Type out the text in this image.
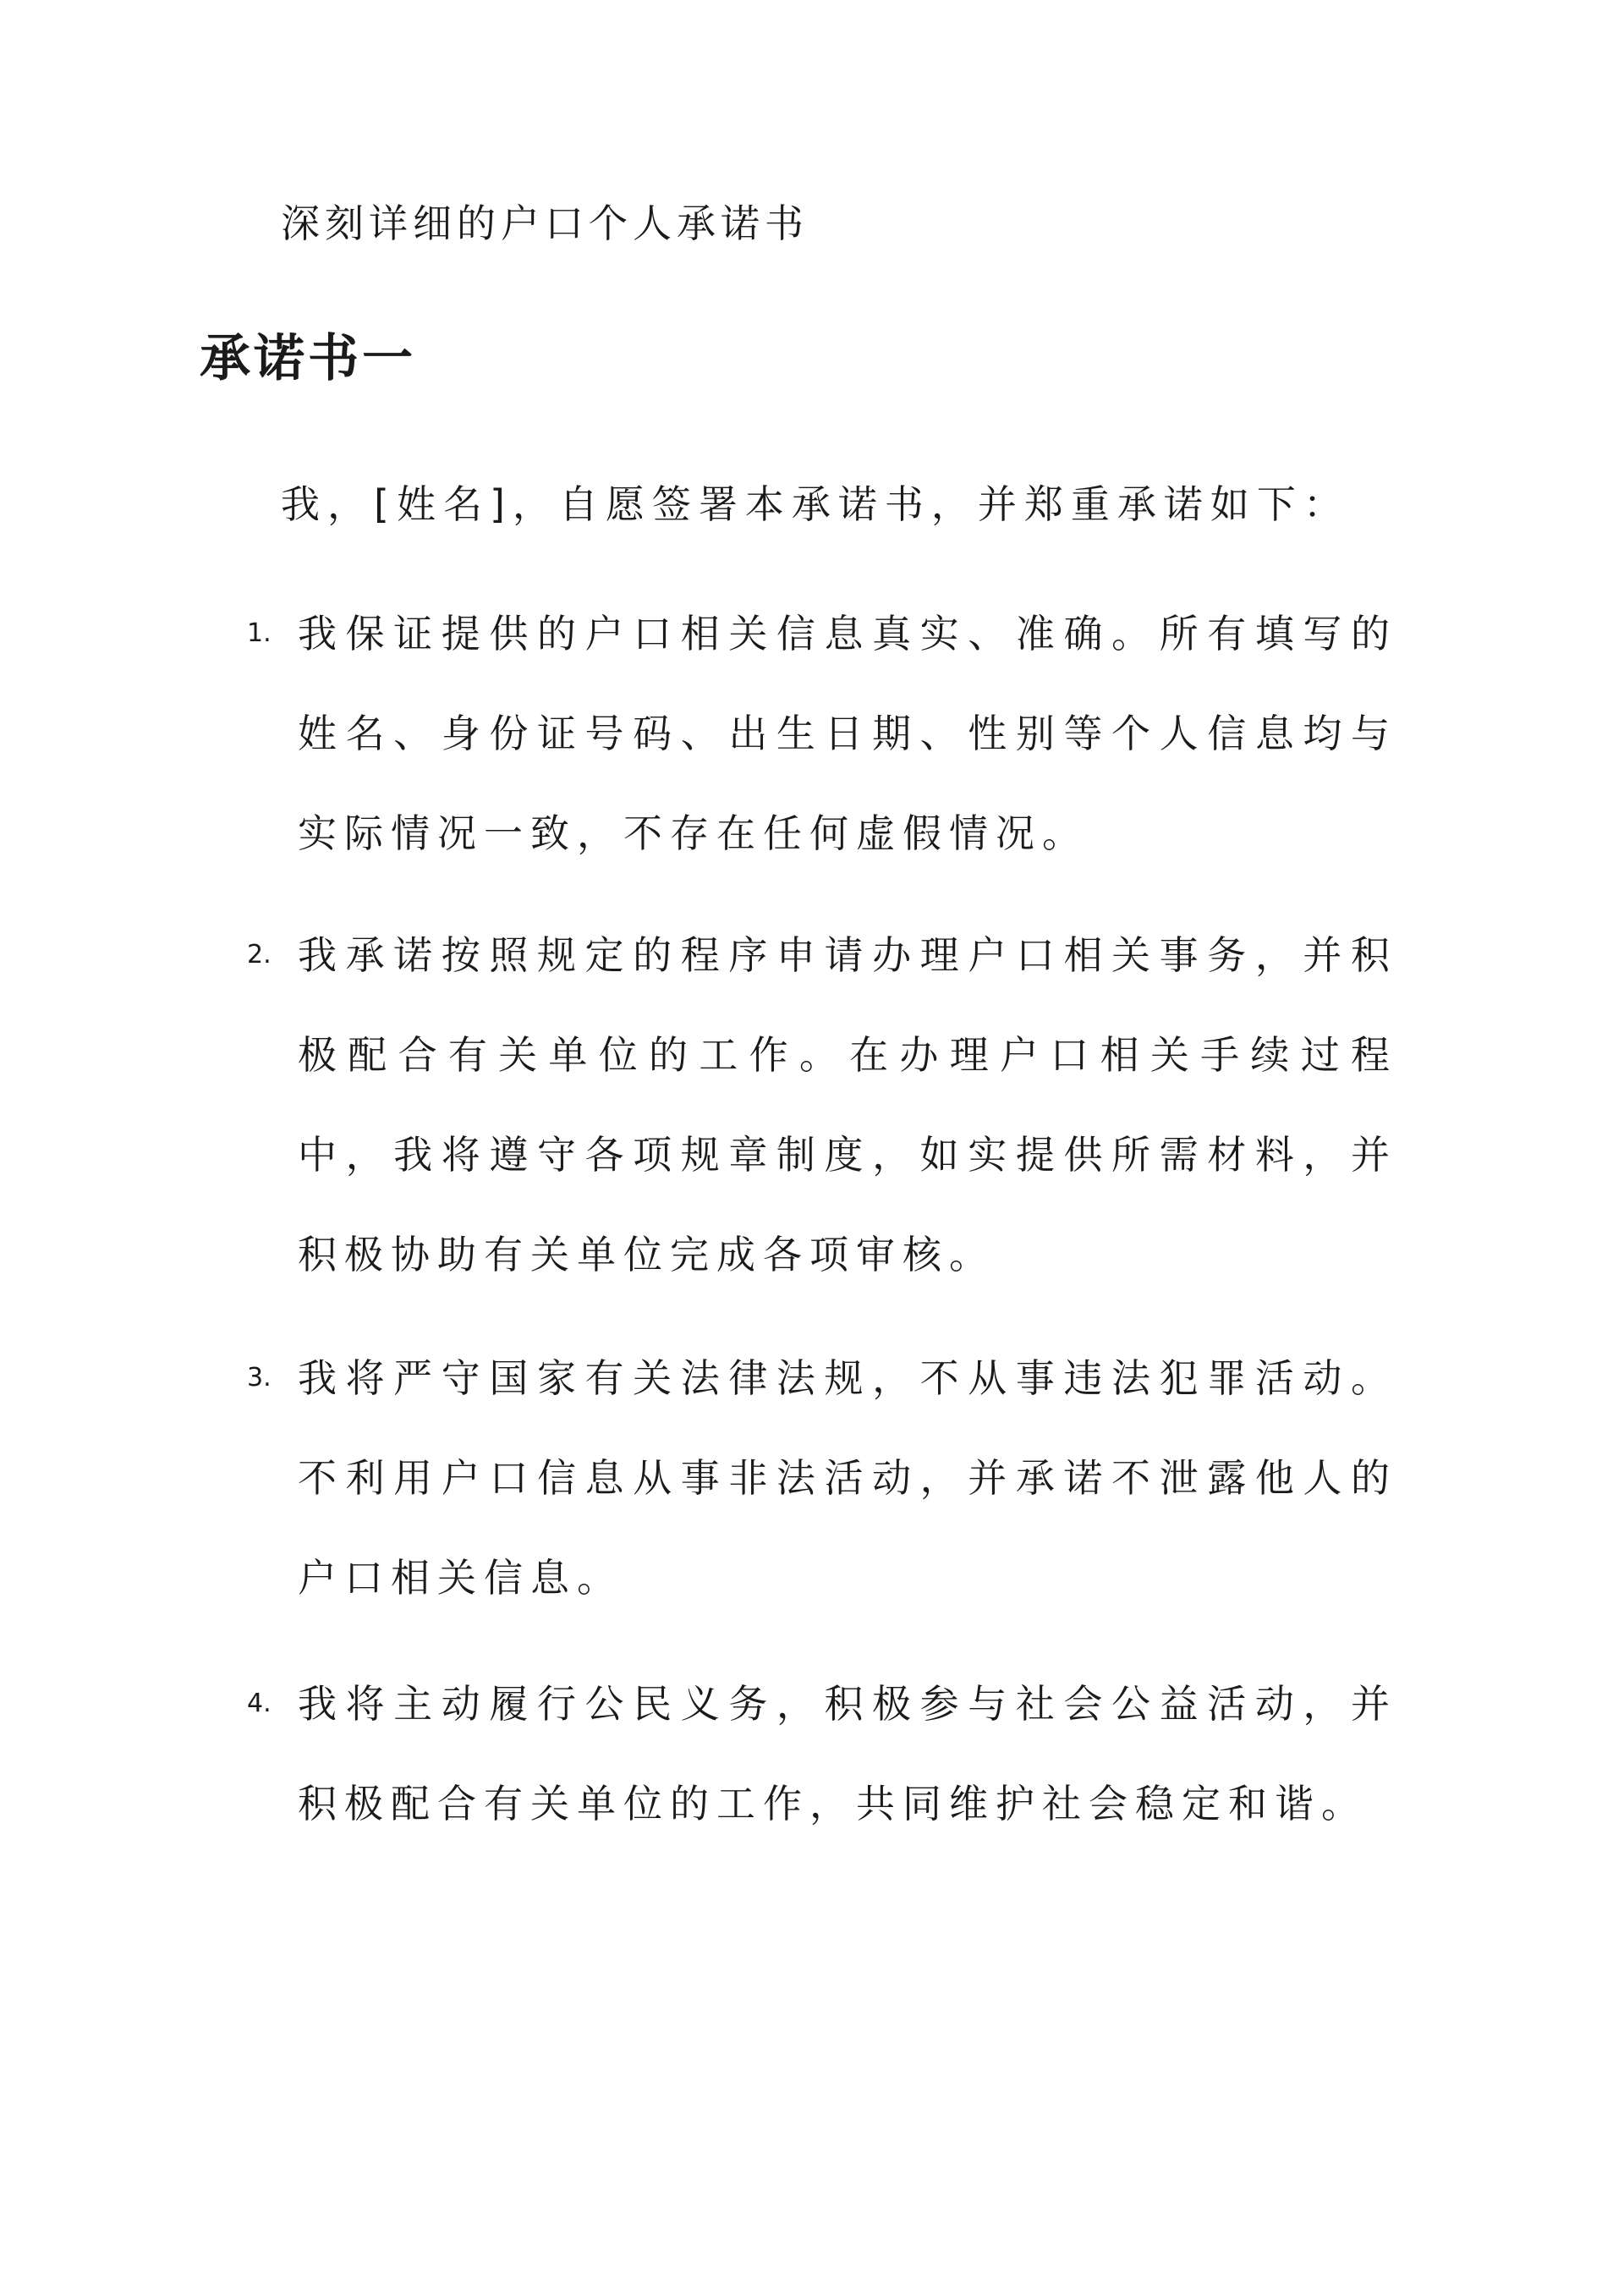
深刻详细的户口个人承诺书
承诺书一
我，[姓名]，自愿签署本承诺书，并郑重承诺如下：
1. 我保证提供的户口相关信息真实、准确。所有填写的姓名、身份证号码、出生日期、性别等个人信息均与实际情况一致，不存在任何虚假情况。

2. 我承诺按照规定的程序申请办理户口相关事务，并积极配合有关单位的工作。在办理户口相关手续过程中，我将遵守各项规章制度，如实提供所需材料，并积极协助有关单位完成各项审核。

3. 我将严守国家有关法律法规，不从事违法犯罪活动。不利用户口信息从事非法活动，并承诺不泄露他人的户口相关信息。

4. 我将主动履行公民义务，积极参与社会公益活动，并积极配合有关单位的工作，共同维护社会稳定和谐。
